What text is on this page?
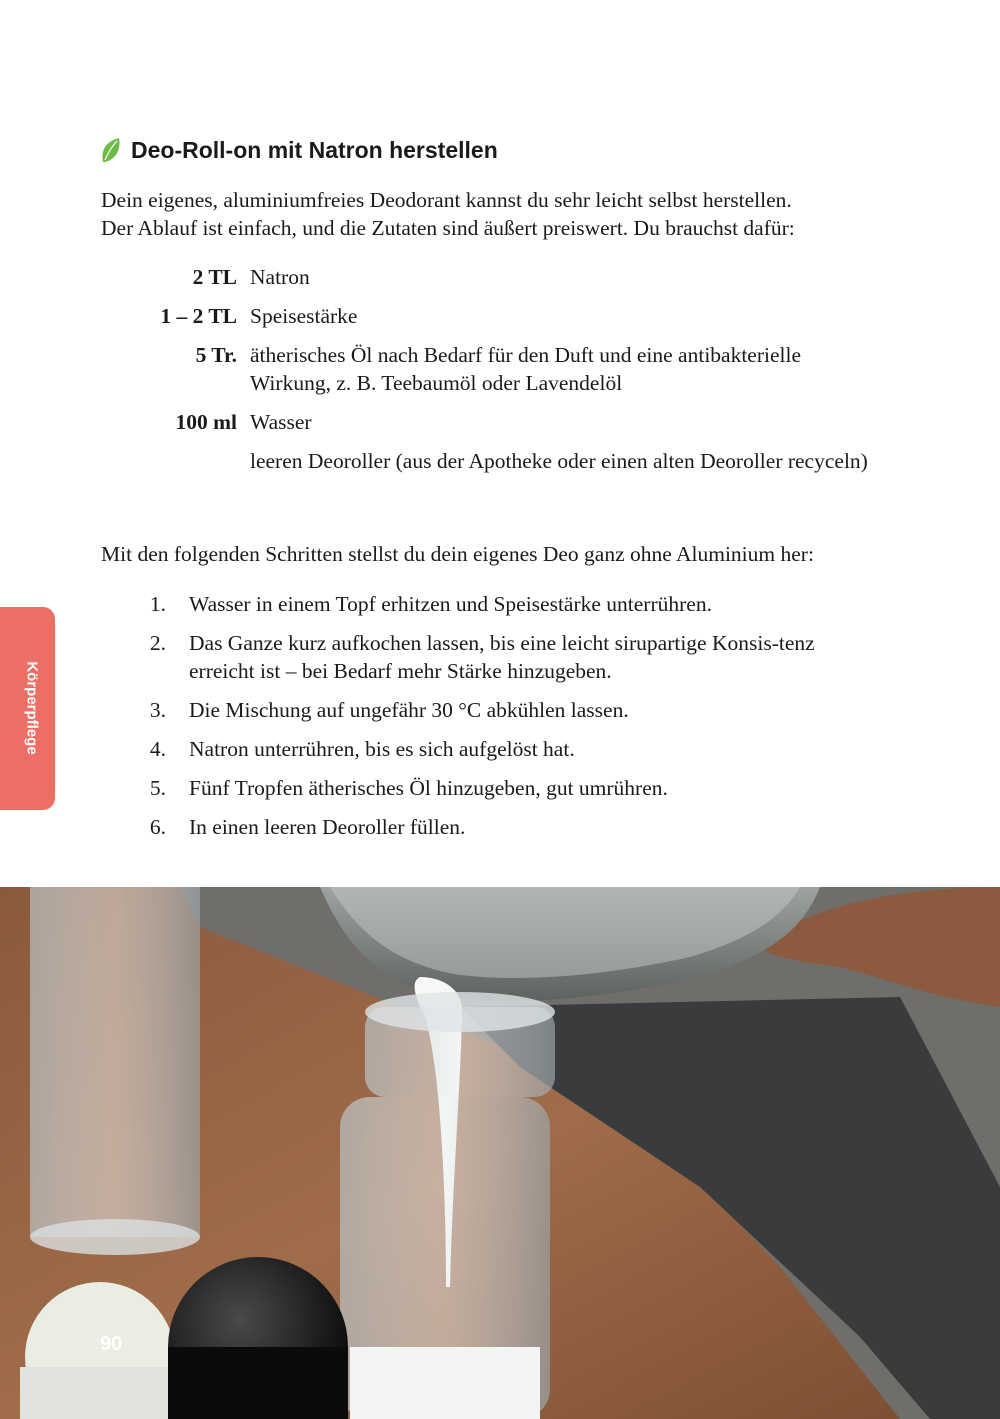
Deo-Roll-on mit Natron herstellen

Dein eigenes, aluminiumfreies Deodorant kannst du sehr leicht selbst herstellen.

Der Ablauf ist einfach, und die Zutaten sind äußert preiswert. Du brauchst dafür:

2 TL Natron
1 – 2 TL Speisestärke
5 Tr. ätherisches Öl nach Bedarf für den Duft und eine antibakterielle Wirkung, z. B. Teebaumöl oder Lavendelöl
100 ml Wasser
leeren Deoroller (aus der Apotheke oder einen alten Deoroller recyceln)

Mit den folgenden Schritten stellst du dein eigenes Deo ganz ohne Aluminium her:

1. Wasser in einem Topf erhitzen und Speisestärke unterrühren.
2. Das Ganze kurz aufkochen lassen, bis eine leicht sirupartige Konsis-tenz erreicht ist – bei Bedarf mehr Stärke hinzugeben.
3. Die Mischung auf ungefähr 30 °C abkühlen lassen.
4. Natron unterrühren, bis es sich aufgelöst hat.
5. Fünf Tropfen ätherisches Öl hinzugeben, gut umrühren.
6. In einen leeren Deoroller füllen.
Körperpflege
90
